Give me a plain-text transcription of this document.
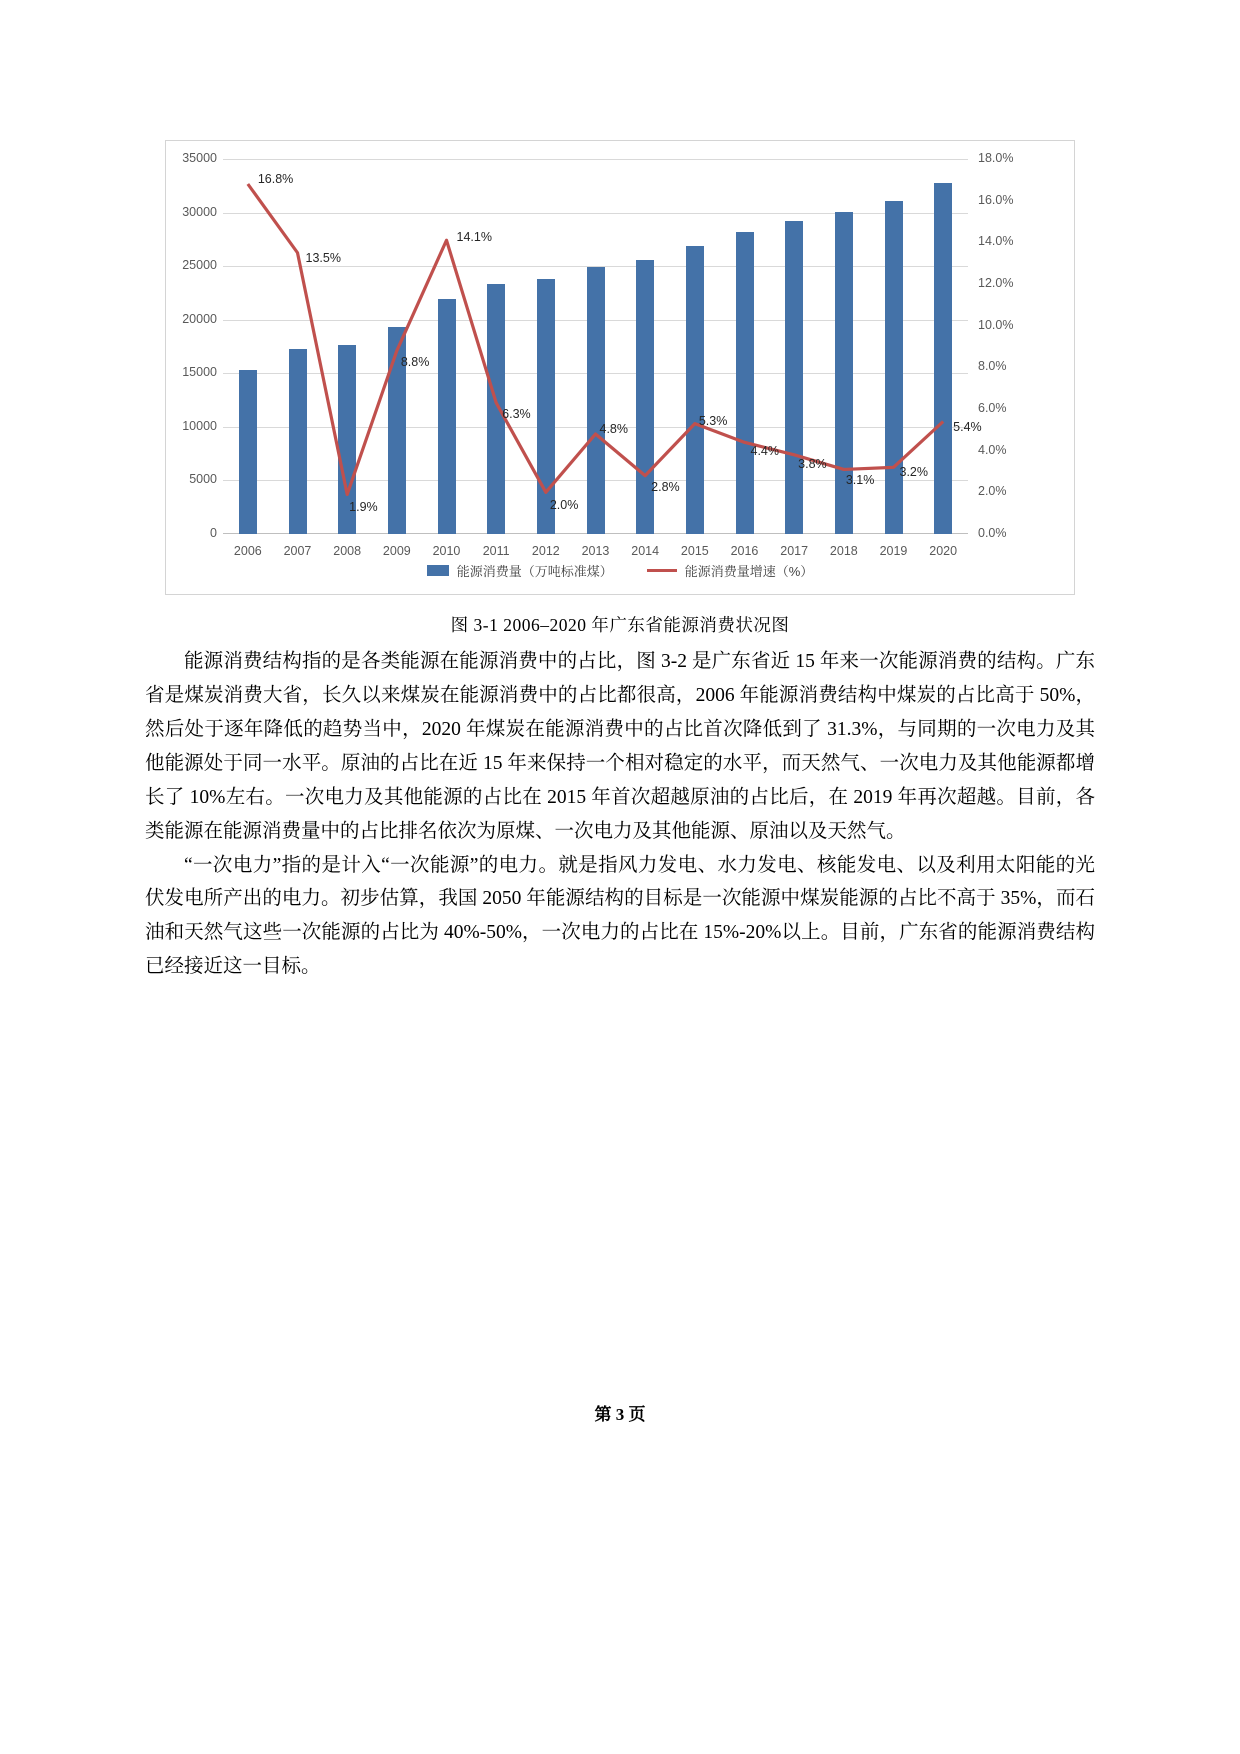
0
5000
10000
15000
20000
25000
30000
35000
0.0%
2.0%
4.0%
6.0%
8.0%
10.0%
12.0%
14.0%
16.0%
18.0%
2006	2007	2008	2009	2010	2011	2012	2013	2014	2015	2016	2017	2018	2019	2020
16.8%
13.5%
1.9%
8.8%
14.1%
6.3%
2.0%
4.8%
2.8%
5.3%
4.4%
3.8%
3.1%
3.2%
5.4%
能源消费量（万吨标准煤）	能源消费量增速（%）
图 3-1 2006–2020 年广东省能源消费状况图

能源消费结构指的是各类能源在能源消费中的占比，图 3-2 是广东省近 15 年来一次能源消费的结构。广东省是煤炭消费大省，长久以来煤炭在能源消费中的占比都很高，2006 年能源消费结构中煤炭的占比高于 50%，然后处于逐年降低的趋势当中，2020 年煤炭在能源消费中的占比首次降低到了 31.3%，与同期的一次电力及其他能源处于同一水平。原油的占比在近 15 年来保持一个相对稳定的水平，而天然气、一次电力及其他能源都增长了 10%左右。一次电力及其他能源的占比在 2015 年首次超越原油的占比后，在 2019 年再次超越。目前，各类能源在能源消费量中的占比排名依次为原煤、一次电力及其他能源、原油以及天然气。

“一次电力”指的是计入“一次能源”的电力。就是指风力发电、水力发电、核能发电、以及利用太阳能的光伏发电所产出的电力。初步估算，我国 2050 年能源结构的目标是一次能源中煤炭能源的占比不高于 35%，而石油和天然气这些一次能源的占比为 40%-50%，一次电力的占比在 15%-20%以上。目前，广东省的能源消费结构已经接近这一目标。

第 3 页
